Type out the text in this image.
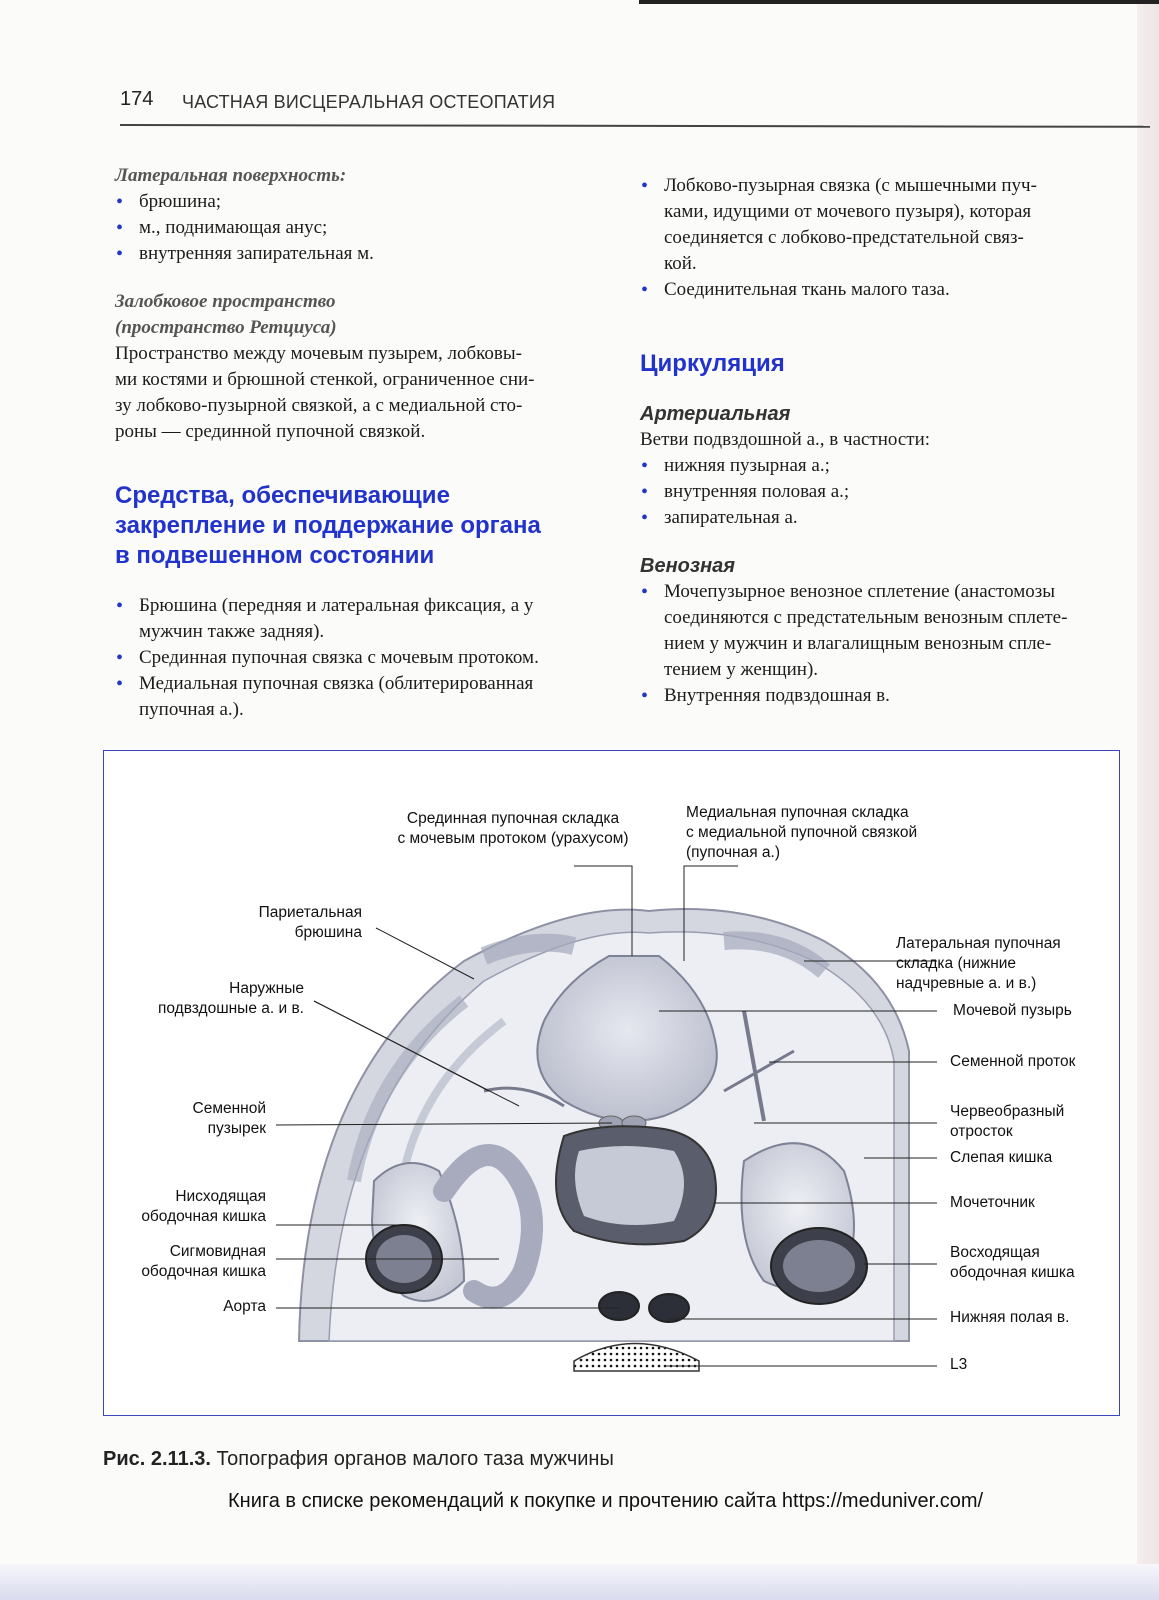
174 ЧАСТНАЯ ВИСЦЕРАЛЬНАЯ ОСТЕОПАТИЯ

Латеральная поверхность:

• брюшина;
• м., поднимающая анус;
• внутренняя запирательная м.

Залобковое пространство

(пространство Ретциуса)

Пространство между мочевым пузырем, лобковы-
ми костями и брюшной стенкой, ограниченное сни-
зу лобково-пузырной связкой, а с медиальной сто-
роны — срединной пупочной связкой.

Средства, обеспечивающие

закрепление и поддержание органа

в подвешенном состоянии

• Брюшина (передняя и латеральная фиксация, а у
мужчин также задняя).
• Срединная пупочная связка с мочевым протоком.
• Медиальная пупочная связка (облитерированная
пупочная а.).
• Лобково-пузырная связка (с мышечными пуч-
ками, идущими от мочевого пузыря), которая
соединяется с лобково-предстательной связ-
кой.
• Соединительная ткань малого таза.

Циркуляция

Артериальная

Ветви подвздошной а., в частности:
• нижняя пузырная а.;
• внутренняя половая а.;
• запирательная а.

Венозная

• Мочепузырное венозное сплетение (анастомозы
соединяются с предстательным венозным сплете-
нием у мужчин и влагалищным венозным спле-
тением у женщин).
• Внутренняя подвздошная в.
Срединная пупочная складка
с мочевым протоком (урахусом)
Медиальная пупочная складка
с медиальной пупочной связкой
(пупочная а.)
Париетальная
брюшина
Наружные
подвздошные а. и в.
Семенной
пузырек
Нисходящая
ободочная кишка
Сигмовидная
ободочная кишка
Аорта
Латеральная пупочная
складка (нижние
надчревные а. и в.)
Мочевой пузырь
Семенной проток
Червеобразный
отросток
Слепая кишка
Мочеточник
Восходящая
ободочная кишка
Нижняя полая в.
L3
Рис. 2.11.3. Топография органов малого таза мужчины
Книга в списке рекомендаций к покупке и прочтению сайта https://meduniver.com/
